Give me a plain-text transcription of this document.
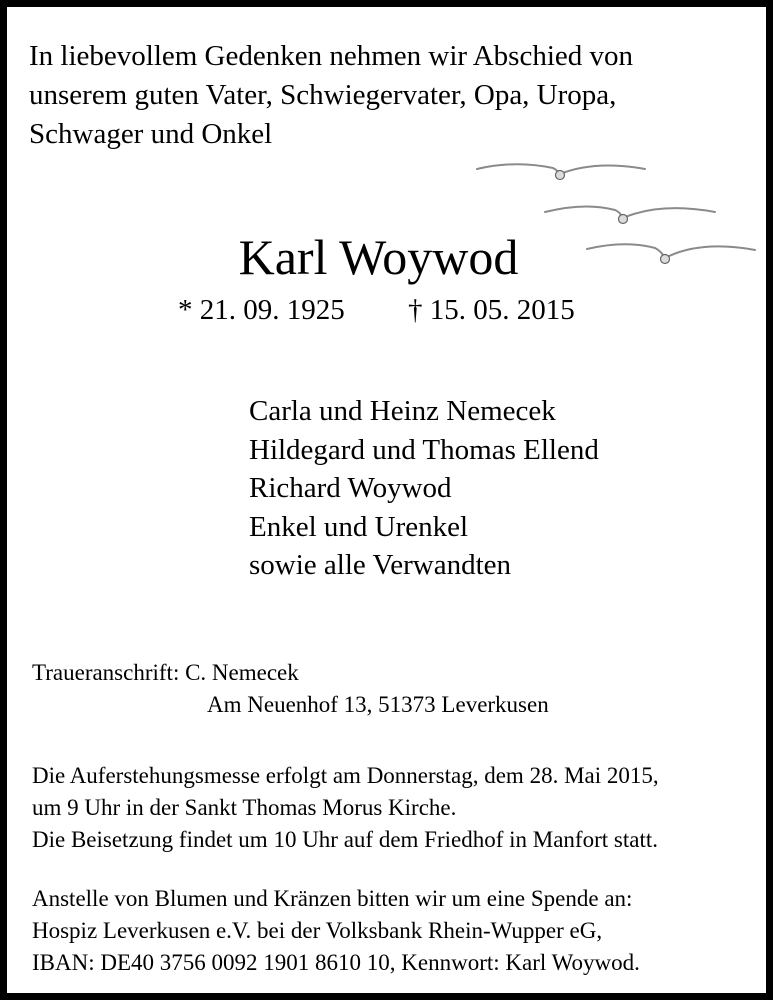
In liebevollem Gedenken nehmen wir Abschied von
unserem guten Vater, Schwiegervater, Opa, Uropa,
Schwager und Onkel
Karl Woywod
* 21. 09. 1925 † 15. 05. 2015
Carla und Heinz Nemecek
Hildegard und Thomas Ellend
Richard Woywod
Enkel und Urenkel
sowie alle Verwandten
Traueranschrift: C. Nemecek
Am Neuenhof 13, 51373 Leverkusen
Die Auferstehungsmesse erfolgt am Donnerstag, dem 28. Mai 2015,
um 9 Uhr in der Sankt Thomas Morus Kirche.
Die Beisetzung findet um 10 Uhr auf dem Friedhof in Manfort statt.
Anstelle von Blumen und Kränzen bitten wir um eine Spende an:
Hospiz Leverkusen e.V. bei der Volksbank Rhein-Wupper eG,
IBAN: DE40 3756 0092 1901 8610 10, Kennwort: Karl Woywod.
